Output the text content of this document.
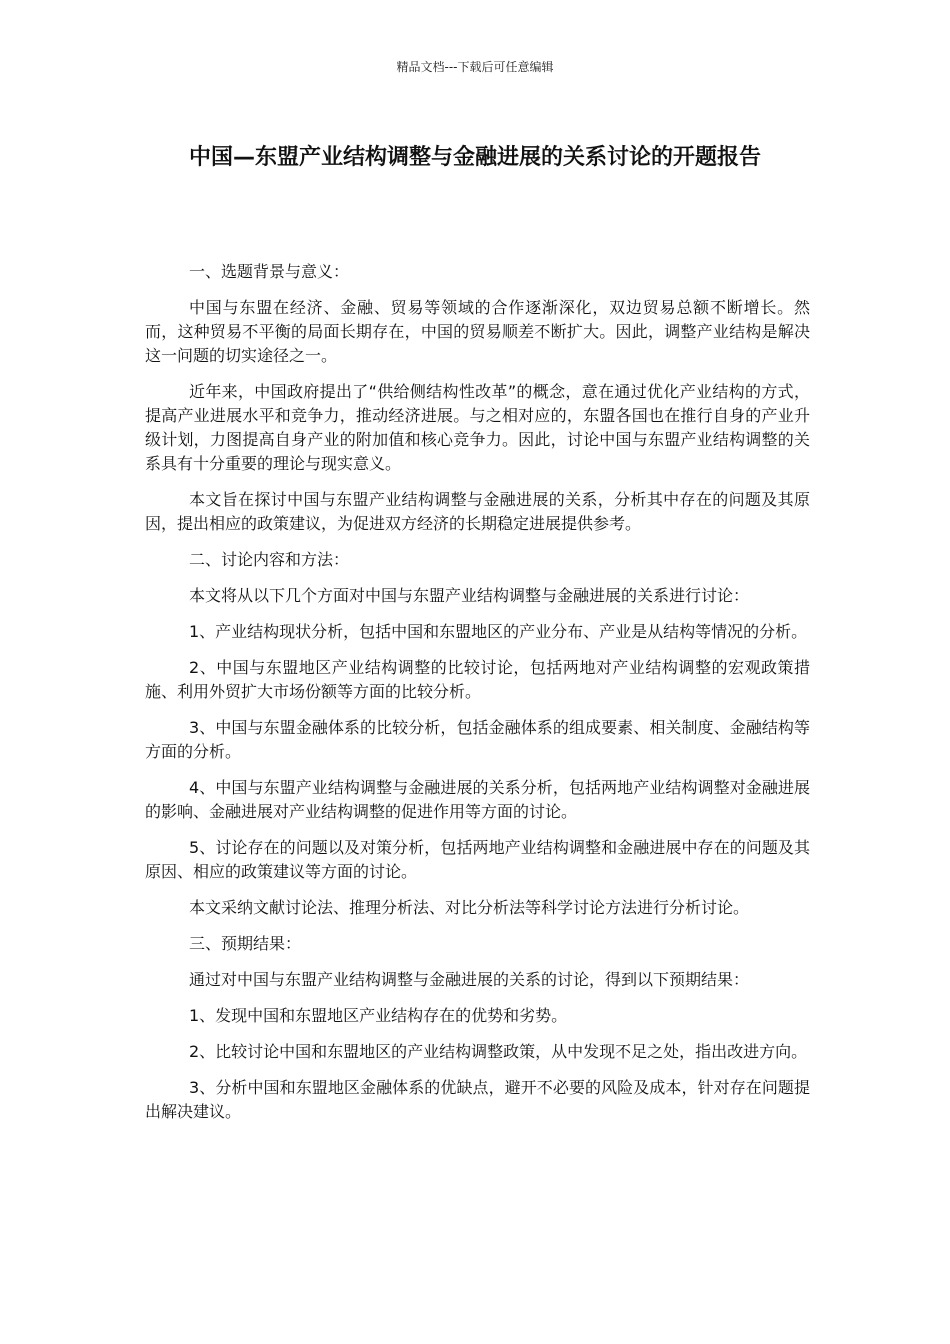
精品文档---下载后可任意编辑
中国—东盟产业结构调整与金融进展的关系讨论的开题报告

一、选题背景与意义：

中国与东盟在经济、金融、贸易等领域的合作逐渐深化，双边贸易总额不断增长。然而，这种贸易不平衡的局面长期存在，中国的贸易顺差不断扩大。因此，调整产业结构是解决这一问题的切实途径之一。

近年来，中国政府提出了“供给侧结构性改革”的概念，意在通过优化产业结构的方式，提高产业进展水平和竞争力，推动经济进展。与之相对应的，东盟各国也在推行自身的产业升级计划，力图提高自身产业的附加值和核心竞争力。因此，讨论中国与东盟产业结构调整的关系具有十分重要的理论与现实意义。

本文旨在探讨中国与东盟产业结构调整与金融进展的关系，分析其中存在的问题及其原因，提出相应的政策建议，为促进双方经济的长期稳定进展提供参考。

二、讨论内容和方法：

本文将从以下几个方面对中国与东盟产业结构调整与金融进展的关系进行讨论：

1、产业结构现状分析，包括中国和东盟地区的产业分布、产业是从结构等情况的分析。

2、中国与东盟地区产业结构调整的比较讨论，包括两地对产业结构调整的宏观政策措施、利用外贸扩大市场份额等方面的比较分析。

3、中国与东盟金融体系的比较分析，包括金融体系的组成要素、相关制度、金融结构等方面的分析。

4、中国与东盟产业结构调整与金融进展的关系分析，包括两地产业结构调整对金融进展的影响、金融进展对产业结构调整的促进作用等方面的讨论。

5、讨论存在的问题以及对策分析，包括两地产业结构调整和金融进展中存在的问题及其原因、相应的政策建议等方面的讨论。

本文采纳文献讨论法、推理分析法、对比分析法等科学讨论方法进行分析讨论。

三、预期结果：

通过对中国与东盟产业结构调整与金融进展的关系的讨论，得到以下预期结果：

1、发现中国和东盟地区产业结构存在的优势和劣势。

2、比较讨论中国和东盟地区的产业结构调整政策，从中发现不足之处，指出改进方向。

3、分析中国和东盟地区金融体系的优缺点，避开不必要的风险及成本，针对存在问题提出解决建议。
